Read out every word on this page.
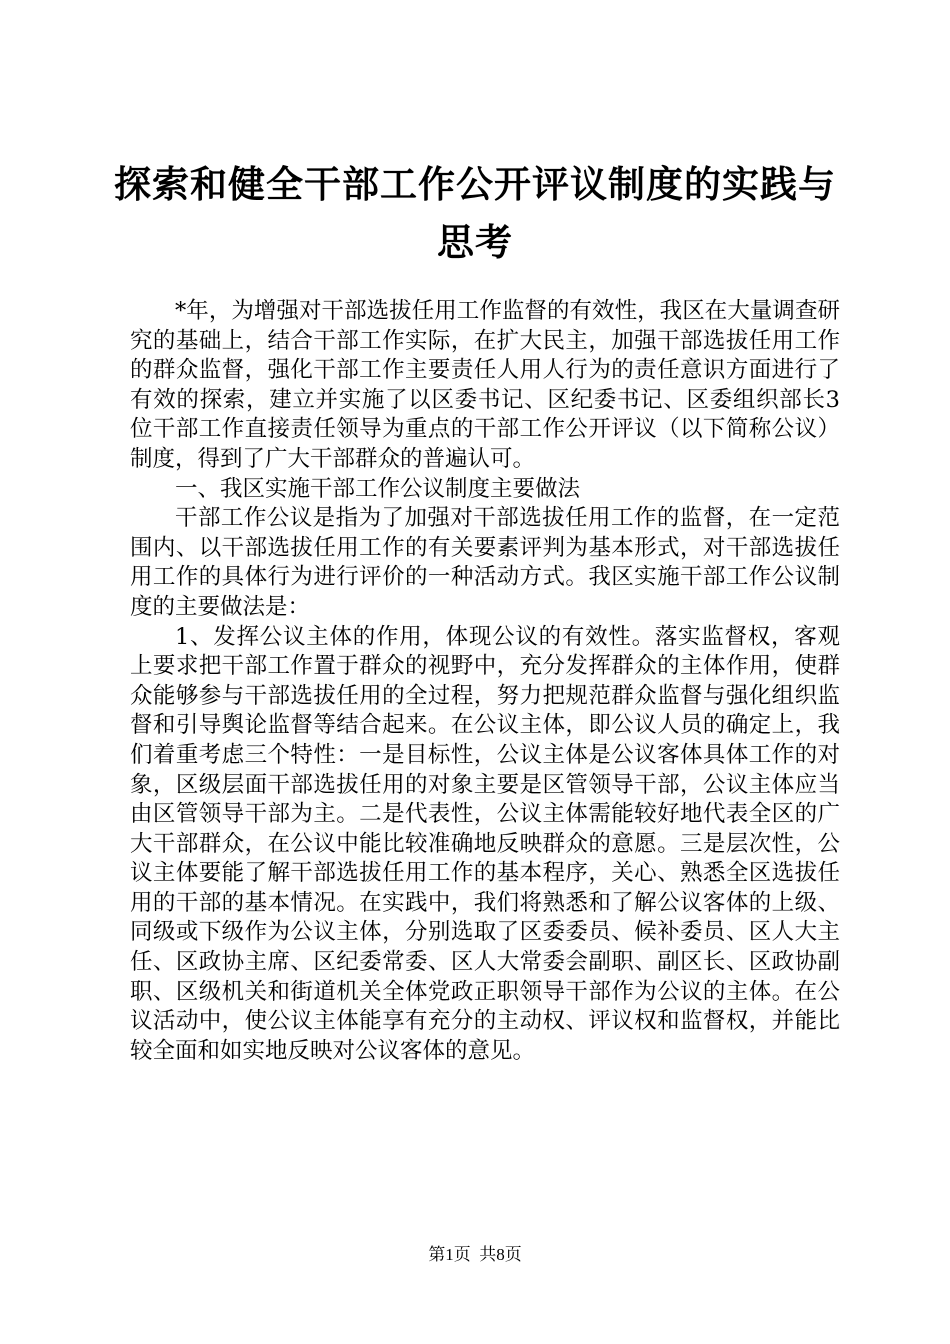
探索和健全干部工作公开评议制度的实践与思考

*年，为增强对干部选拔任用工作监督的有效性，我区在大量调查研究的基础上，结合干部工作实际，在扩大民主，加强干部选拔任用工作的群众监督，强化干部工作主要责任人用人行为的责任意识方面进行了有效的探索，建立并实施了以区委书记、区纪委书记、区委组织部长3位干部工作直接责任领导为重点的干部工作公开评议（以下简称公议）制度，得到了广大干部群众的普遍认可。

一、我区实施干部工作公议制度主要做法

干部工作公议是指为了加强对干部选拔任用工作的监督，在一定范围内、以干部选拔任用工作的有关要素评判为基本形式，对干部选拔任用工作的具体行为进行评价的一种活动方式。我区实施干部工作公议制度的主要做法是：

1、发挥公议主体的作用，体现公议的有效性。落实监督权，客观上要求把干部工作置于群众的视野中，充分发挥群众的主体作用，使群众能够参与干部选拔任用的全过程，努力把规范群众监督与强化组织监督和引导舆论监督等结合起来。在公议主体，即公议人员的确定上，我们着重考虑三个特性：一是目标性，公议主体是公议客体具体工作的对象，区级层面干部选拔任用的对象主要是区管领导干部，公议主体应当由区管领导干部为主。二是代表性，公议主体需能较好地代表全区的广大干部群众，在公议中能比较准确地反映群众的意愿。三是层次性，公议主体要能了解干部选拔任用工作的基本程序，关心、熟悉全区选拔任用的干部的基本情况。在实践中，我们将熟悉和了解公议客体的上级、同级或下级作为公议主体，分别选取了区委委员、候补委员、区人大主任、区政协主席、区纪委常委、区人大常委会副职、副区长、区政协副职、区级机关和街道机关全体党政正职领导干部作为公议的主体。在公议活动中，使公议主体能享有充分的主动权、评议权和监督权，并能比较全面和如实地反映对公议客体的意见。

第1页 共8页
